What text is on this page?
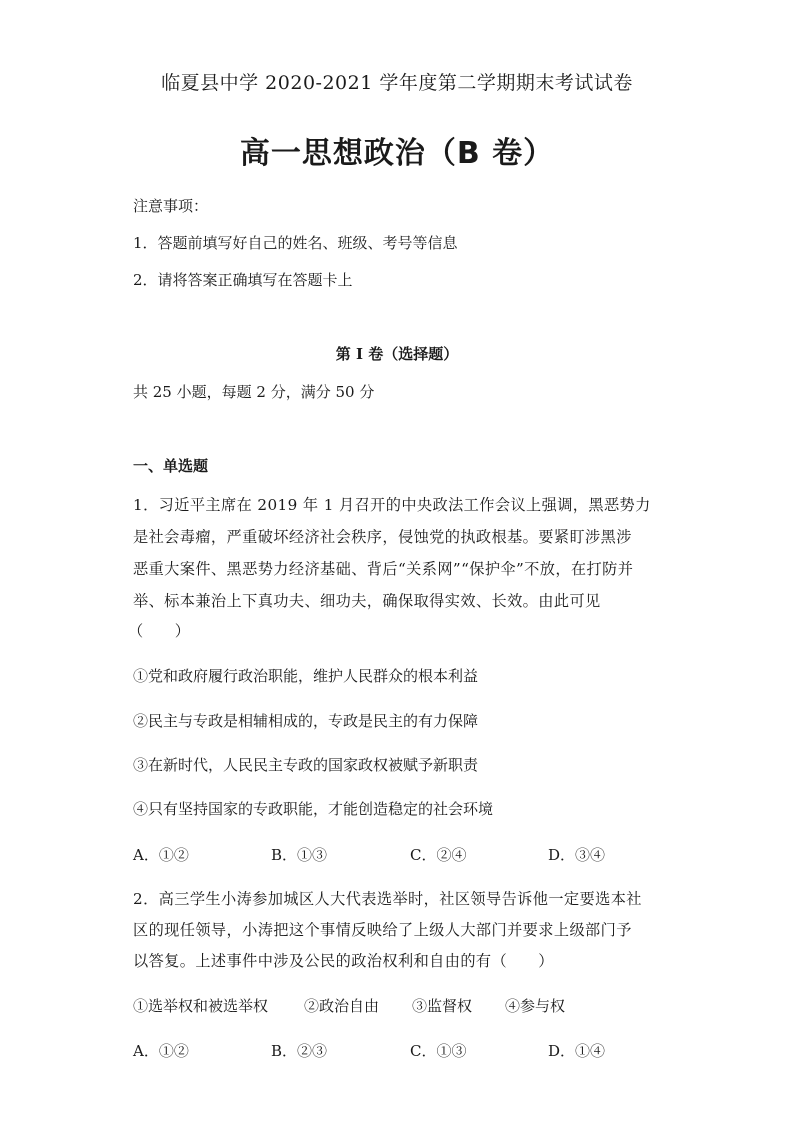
临夏县中学 2020-2021 学年度第二学期期末考试试卷
高一思想政治（B 卷）
注意事项：
1．答题前填写好自己的姓名、班级、考号等信息
2．请将答案正确填写在答题卡上
第 I 卷（选择题）
共 25 小题，每题 2 分，满分 50 分
一、单选题
1．习近平主席在 2019 年 1 月召开的中央政法工作会议上强调，黑恶势力
是社会毒瘤，严重破坏经济社会秩序，侵蚀党的执政根基。要紧盯涉黑涉
恶重大案件、黑恶势力经济基础、背后“关系网”“保护伞”不放，在打防并
举、标本兼治上下真功夫、细功夫，确保取得实效、长效。由此可见
（　　）
①党和政府履行政治职能，维护人民群众的根本利益
②民主与专政是相辅相成的，专政是民主的有力保障
③在新时代，人民民主专政的国家政权被赋予新职责
④只有坚持国家的专政职能，才能创造稳定的社会环境
A．①②	B．①③	C．②④	D．③④
2．高三学生小涛参加城区人大代表选举时，社区领导告诉他一定要选本社
区的现任领导，小涛把这个事情反映给了上级人大部门并要求上级部门予
以答复。上述事件中涉及公民的政治权利和自由的有（　　）
①选举权和被选举权 ②政治自由 ③监督权 ④参与权
A．①②	B．②③	C．①③	D．①④
